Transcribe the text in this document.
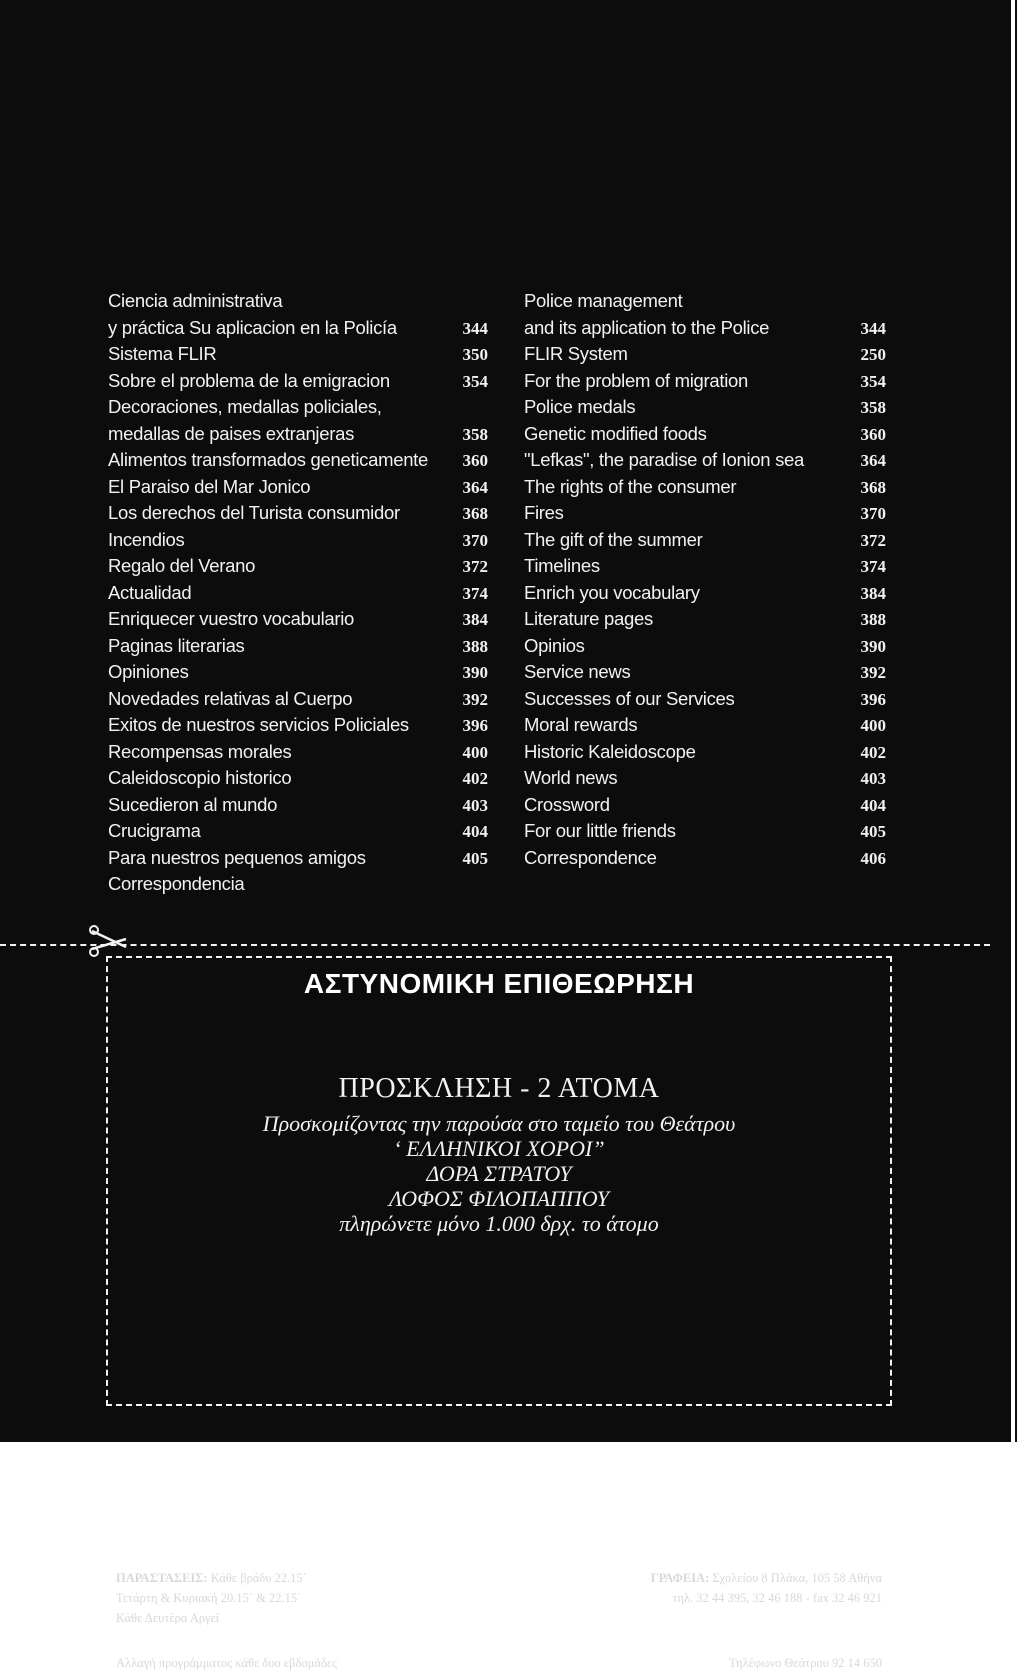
Ciencia administrativa
y práctica Su aplicacion en la Policía	344
Sistema FLIR	350
Sobre el problema de la emigracion	354
Decoraciones, medallas policiales,
medallas de paises extranjeras	358
Alimentos transformados geneticamente 360
El Paraiso del Mar Jonico	364
Los derechos del Turista consumidor	368
Incendios	370
Regalo del Verano	372
Actualidad	374
Enriquecer vuestro vocabulario	384
Paginas literarias	388
Opiniones	390
Novedades relativas al Cuerpo	392
Exitos de nuestros servicios Policiales	396
Recompensas morales	400
Caleidoscopio historico	402
Sucedieron al mundo	403
Crucigrama	404
Para nuestros pequenos amigos	405
Correspondencia
Police management
and its application to the Police	344
FLIR System	250
For the problem of migration	354
Police medals	358
Genetic modified foods	360
"Lefkas", the paradise of Ionion sea	364
The rights of the consumer	368
Fires	370
The gift of the summer	372
Timelines	374
Enrich you vocabulary	384
Literature pages	388
Opinios	390
Service news	392
Successes of our Services	396
Moral rewards	400
Historic Kaleidoscope	402
World news	403
Crossword	404
For our little friends	405
Correspondence	406
ΑΣΤΥΝΟΜΙΚΗ ΕΠΙΘΕΩΡΗΣΗ
ΠΡΟΣΚΛΗΣΗ - 2 ΑΤΟΜΑ
Προσκομίζοντας την παρούσα στο ταμείο του Θεάτρου
‘ ΕΛΛΗΝΙΚΟΙ ΧΟΡΟΙ”
ΔΟΡΑ ΣΤΡΑΤΟΥ
ΛΟΦΟΣ ΦΙΛΟΠΑΠΠΟΥ
πληρώνετε μόνο 1.000 δρχ. το άτομο
ΠΑΡΑΣΤΑΣΕΙΣ: Κάθε βράδυ 22.15΄
Τετάρτη & Κυριακή 20.15΄ & 22.15΄
Κάθε Δευτέρα Αργεί
ΓΡΑΦΕΙΑ: Σχολείου 8 Πλάκα, 105 58 Αθήνα
τηλ. 32 44 395, 32 46 188 - fax 32 46 921
Αλλαγή προγράμματος κάθε δυο εβδομάδες	Τηλέφωνο Θεάτρου 92 14 650
